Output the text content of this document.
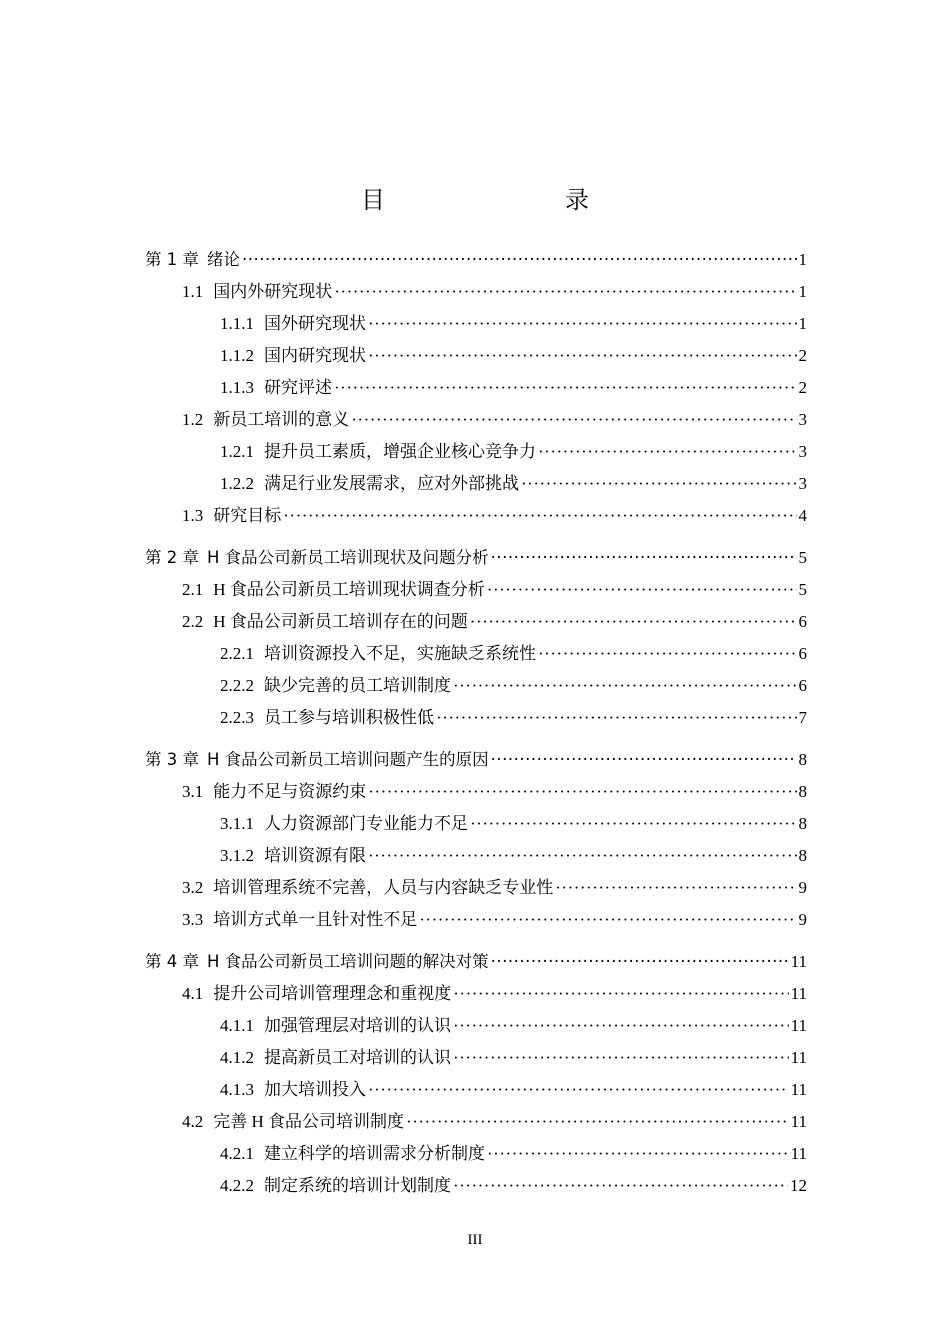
目　　录
第 1 章 绪论 ·····	1
1.1 国内外研究现状 ·····	1
1.1.1 国外研究现状 ·····	1
1.1.2 国内研究现状 ·····	2
1.1.3 研究评述 ·····	2
1.2 新员工培训的意义 ·····	3
1.2.1 提升员工素质，增强企业核心竞争力 ·····	3
1.2.2 满足行业发展需求，应对外部挑战 ·····	3
1.3 研究目标 ·····	4
第 2 章 H 食品公司新员工培训现状及问题分析 ·····	5
2.1 H 食品公司新员工培训现状调查分析 ·····	5
2.2 H 食品公司新员工培训存在的问题 ·····	6
2.2.1 培训资源投入不足，实施缺乏系统性 ·····	6
2.2.2 缺少完善的员工培训制度 ·····	6
2.2.3 员工参与培训积极性低 ·····	7
第 3 章 H 食品公司新员工培训问题产生的原因 ·····	8
3.1 能力不足与资源约束 ·····	8
3.1.1 人力资源部门专业能力不足 ·····	8
3.1.2 培训资源有限 ·····	8
3.2 培训管理系统不完善，人员与内容缺乏专业性 ·····	9
3.3 培训方式单一且针对性不足 ·····	9
第 4 章 H 食品公司新员工培训问题的解决对策 ·····	11
4.1 提升公司培训管理理念和重视度 ·····	11
4.1.1 加强管理层对培训的认识 ·····	11
4.1.2 提高新员工对培训的认识 ·····	11
4.1.3 加大培训投入 ·····	11
4.2 完善 H 食品公司培训制度 ·····	11
4.2.1 建立科学的培训需求分析制度 ·····	11
4.2.2 制定系统的培训计划制度 ·····	12
III
